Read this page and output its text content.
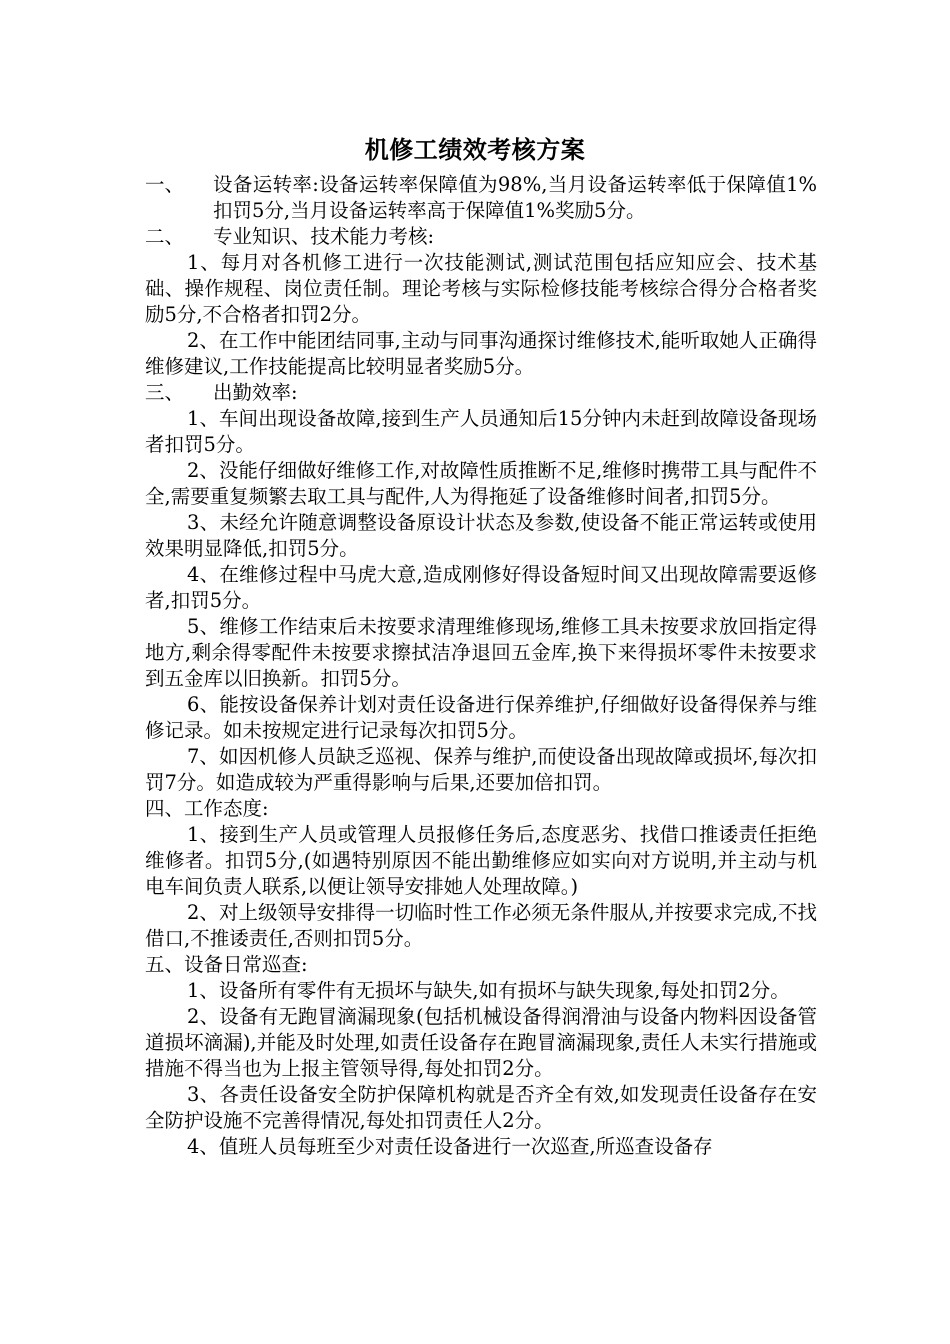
机修工绩效考核方案
一、	设备运转率:设备运转率保障值为98%,当月设备运转率低于保障值1%扣罚5分,当月设备运转率高于保障值1%奖励5分。
二、	专业知识、技术能力考核:

1、每月对各机修工进行一次技能测试,测试范围包括应知应会、技术基础、操作规程、岗位责任制。理论考核与实际检修技能考核综合得分合格者奖励5分,不合格者扣罚2分。

2、在工作中能团结同事,主动与同事沟通探讨维修技术,能听取她人正确得维修建议,工作技能提高比较明显者奖励5分。

三、	出勤效率:

1、车间出现设备故障,接到生产人员通知后15分钟内未赶到故障设备现场者扣罚5分。

2、没能仔细做好维修工作,对故障性质推断不足,维修时携带工具与配件不全,需要重复频繁去取工具与配件,人为得拖延了设备维修时间者,扣罚5分。

3、未经允许随意调整设备原设计状态及参数,使设备不能正常运转或使用效果明显降低,扣罚5分。

4、在维修过程中马虎大意,造成刚修好得设备短时间又出现故障需要返修者,扣罚5分。

5、维修工作结束后未按要求清理维修现场,维修工具未按要求放回指定得地方,剩余得零配件未按要求擦拭洁净退回五金库,换下来得损坏零件未按要求到五金库以旧换新。扣罚5分。

6、能按设备保养计划对责任设备进行保养维护,仔细做好设备得保养与维修记录。如未按规定进行记录每次扣罚5分。

7、如因机修人员缺乏巡视、保养与维护,而使设备出现故障或损坏,每次扣罚7分。如造成较为严重得影响与后果,还要加倍扣罚。

四、工作态度:

1、接到生产人员或管理人员报修任务后,态度恶劣、找借口推诿责任拒绝维修者。扣罚5分,(如遇特别原因不能出勤维修应如实向对方说明,并主动与机电车间负责人联系,以便让领导安排她人处理故障。)

2、对上级领导安排得一切临时性工作必须无条件服从,并按要求完成,不找借口,不推诿责任,否则扣罚5分。

五、设备日常巡查:

1、设备所有零件有无损坏与缺失,如有损坏与缺失现象,每处扣罚2分。

2、设备有无跑冒滴漏现象(包括机械设备得润滑油与设备内物料因设备管道损坏滴漏),并能及时处理,如责任设备存在跑冒滴漏现象,责任人未实行措施或措施不得当也为上报主管领导得,每处扣罚2分。

3、各责任设备安全防护保障机构就是否齐全有效,如发现责任设备存在安全防护设施不完善得情况,每处扣罚责任人2分。

4、值班人员每班至少对责任设备进行一次巡查,所巡查设备存
